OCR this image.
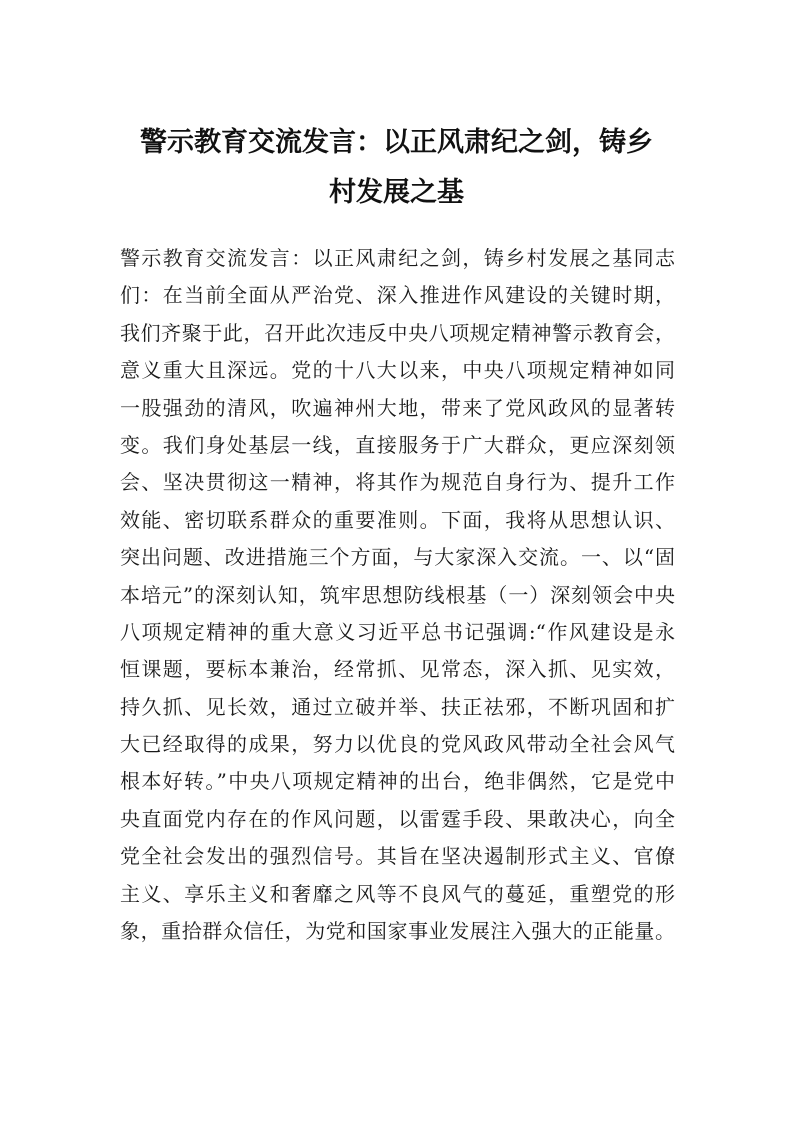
警示教育交流发言：以正风肃纪之剑，铸乡
村发展之基
警示教育交流发言：以正风肃纪之剑，铸乡村发展之基同志
们：在当前全面从严治党、深入推进作风建设的关键时期，
我们齐聚于此，召开此次违反中央八项规定精神警示教育会，
意义重大且深远。党的十八大以来，中央八项规定精神如同
一股强劲的清风，吹遍神州大地，带来了党风政风的显著转
变。我们身处基层一线，直接服务于广大群众，更应深刻领
会、坚决贯彻这一精神，将其作为规范自身行为、提升工作
效能、密切联系群众的重要准则。下面，我将从思想认识、
突出问题、改进措施三个方面，与大家深入交流。一、以“固
本培元”的深刻认知，筑牢思想防线根基（一）深刻领会中央
八项规定精神的重大意义习近平总书记强调:“作风建设是永
恒课题，要标本兼治，经常抓、见常态，深入抓、见实效，
持久抓、见长效，通过立破并举、扶正祛邪，不断巩固和扩
大已经取得的成果，努力以优良的党风政风带动全社会风气
根本好转。”中央八项规定精神的出台，绝非偶然，它是党中
央直面党内存在的作风问题，以雷霆手段、果敢决心，向全
党全社会发出的强烈信号。其旨在坚决遏制形式主义、官僚
主义、享乐主义和奢靡之风等不良风气的蔓延，重塑党的形
象，重拾群众信任，为党和国家事业发展注入强大的正能量。
